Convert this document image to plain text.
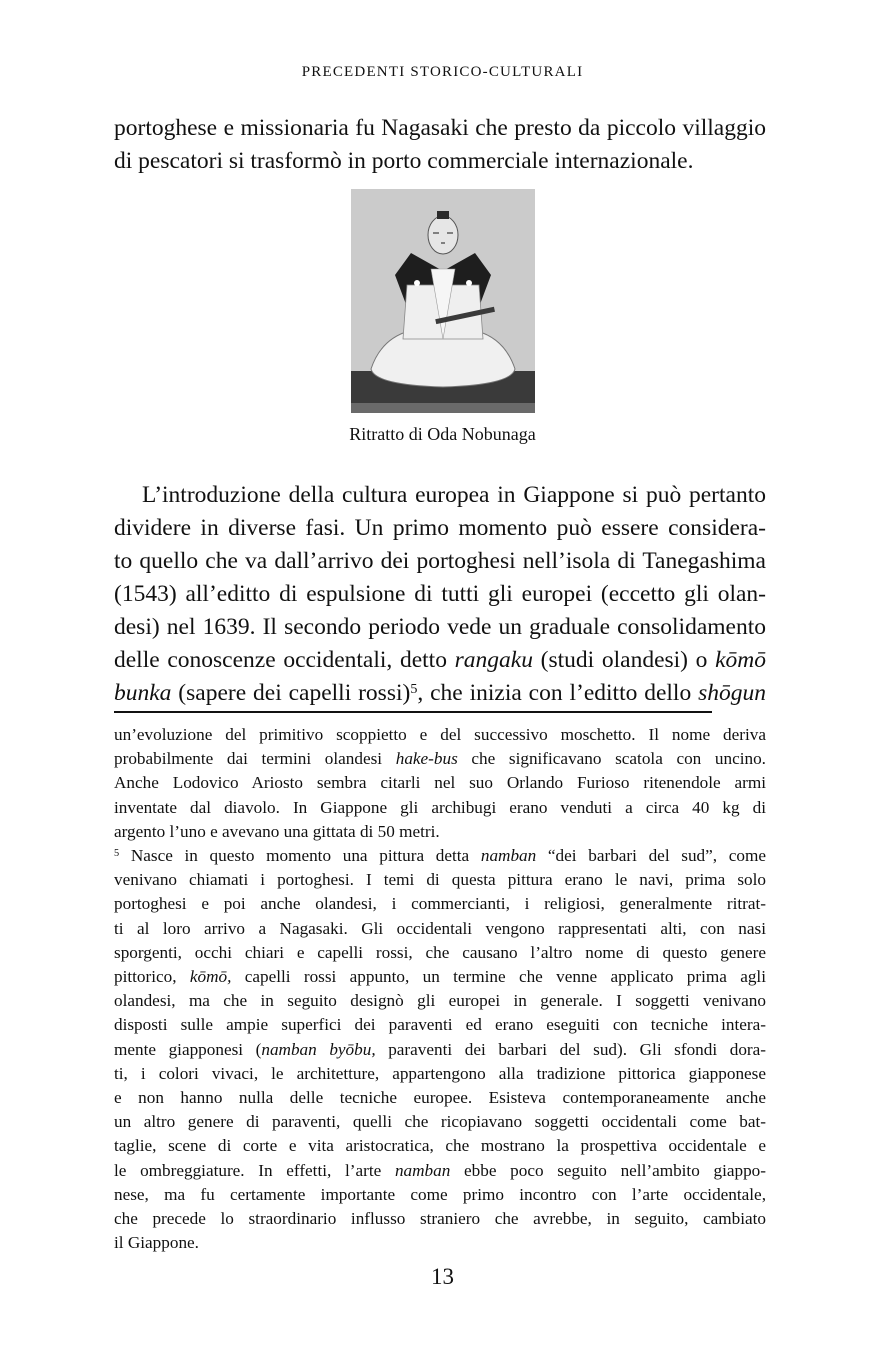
PRECEDENTI STORICO-CULTURALI

portoghese e missionaria fu Nagasaki che presto da piccolo villaggio
di pescatori si trasformò in porto commerciale internazionale.

Ritratto di Oda Nobunaga

L’introduzione della cultura europea in Giappone si può pertanto
dividere in diverse fasi. Un primo momento può essere considera-
to quello che va dall’arrivo dei portoghesi nell’isola di Tanegashima
(1543) all’editto di espulsione di tutti gli europei (eccetto gli olan-
desi) nel 1639. Il secondo periodo vede un graduale consolidamento
delle conoscenze occidentali, detto rangaku (studi olandesi) o kōmō
bunka (sapere dei capelli rossi)$^5$, che inizia con l’editto dello shōgun

un’evoluzione del primitivo scoppietto e del successivo moschetto. Il nome deriva
probabilmente dai termini olandesi hake-bus che significavano scatola con uncino.
Anche Lodovico Ariosto sembra citarli nel suo Orlando Furioso ritenendole armi
inventate dal diavolo. In Giappone gli archibugi erano venduti a circa 40 kg di
argento l’uno e avevano una gittata di 50 metri.
$^5$ Nasce in questo momento una pittura detta namban “dei barbari del sud”, come
venivano chiamati i portoghesi. I temi di questa pittura erano le navi, prima solo
portoghesi e poi anche olandesi, i commercianti, i religiosi, generalmente ritrat-
ti al loro arrivo a Nagasaki. Gli occidentali vengono rappresentati alti, con nasi
sporgenti, occhi chiari e capelli rossi, che causano l’altro nome di questo genere
pittorico, kōmō, capelli rossi appunto, un termine che venne applicato prima agli
olandesi, ma che in seguito designò gli europei in generale. I soggetti venivano
disposti sulle ampie superfici dei paraventi ed erano eseguiti con tecniche intera-
mente giapponesi (namban byōbu, paraventi dei barbari del sud). Gli sfondi dora-
ti, i colori vivaci, le architetture, appartengono alla tradizione pittorica giapponese
e non hanno nulla delle tecniche europee. Esisteva contemporaneamente anche
un altro genere di paraventi, quelli che ricopiavano soggetti occidentali come bat-
taglie, scene di corte e vita aristocratica, che mostrano la prospettiva occidentale e
le ombreggiature. In effetti, l’arte namban ebbe poco seguito nell’ambito giappo-
nese, ma fu certamente importante come primo incontro con l’arte occidentale,
che precede lo straordinario influsso straniero che avrebbe, in seguito, cambiato
il Giappone.
13
